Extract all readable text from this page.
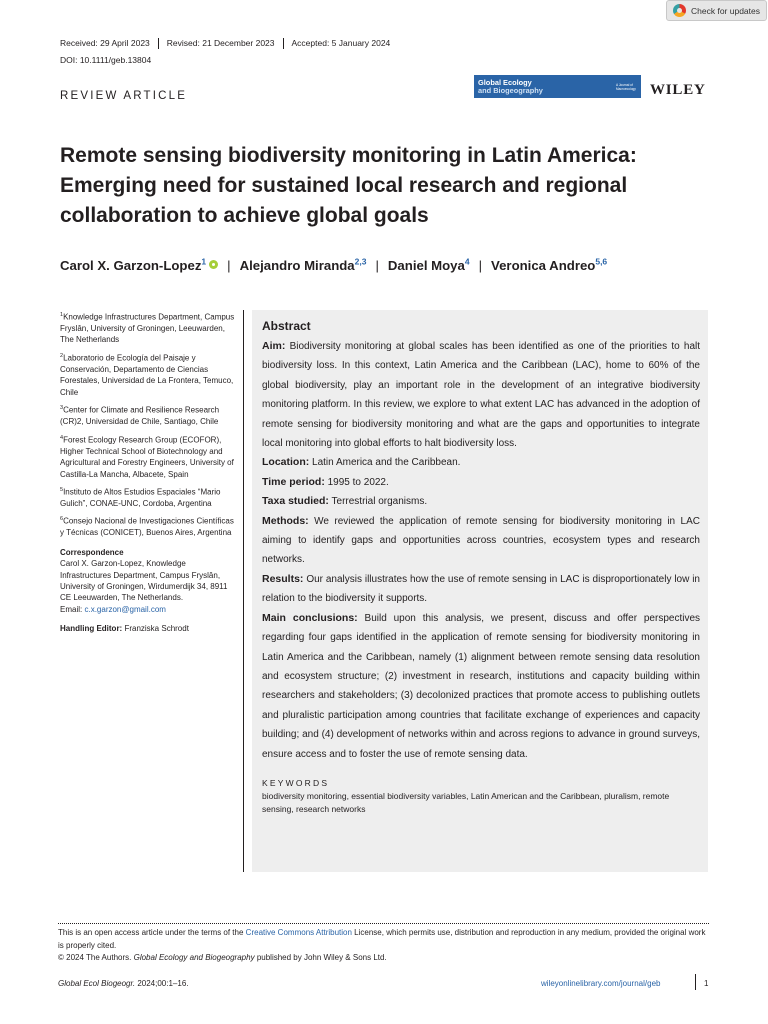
Check for updates
Received: 29 April 2023	Revised: 21 December 2023	Accepted: 5 January 2024
DOI: 10.1111/geb.13804
REVIEW ARTICLE
Global Ecology
and Biogeography
A Journal of Macroecology WILEY
Remote sensing biodiversity monitoring in Latin America: Emerging need for sustained local research and regional collaboration to achieve global goals
Carol X. Garzon-Lopez$^1$ | Alejandro Miranda$^{2,3}$ | Daniel Moya$^4$ | Veronica Andreo$^{5,6}$

$^1$Knowledge Infrastructures Department, Campus Fryslân, University of Groningen, Leeuwarden, The Netherlands

$^2$Laboratorio de Ecología del Paisaje y Conservación, Departamento de Ciencias Forestales, Universidad de La Frontera, Temuco, Chile

$^3$Center for Climate and Resilience Research (CR)2, Universidad de Chile, Santiago, Chile

$^4$Forest Ecology Research Group (ECOFOR), Higher Technical School of Biotechnology and Agricultural and Forestry Engineers, University of Castilla-La Mancha, Albacete, Spain

$^5$Instituto de Altos Estudios Espaciales “Mario Gulich”, CONAE-UNC, Cordoba, Argentina

$^6$Consejo Nacional de Investigaciones Científicas y Técnicas (CONICET), Buenos Aires, Argentina

Correspondence

Carol X. Garzon-Lopez, Knowledge Infrastructures Department, Campus Fryslân, University of Groningen, Wirdumerdijk 34, 8911 CE Leeuwarden, The Netherlands.
Email: c.x.garzon@gmail.com

Handling Editor: Franziska Schrodt

Abstract

Aim: Biodiversity monitoring at global scales has been identified as one of the priorities to halt biodiversity loss. In this context, Latin America and the Caribbean (LAC), home to 60% of the global biodiversity, play an important role in the development of an integrative biodiversity monitoring platform. In this review, we explore to what extent LAC has advanced in the adoption of remote sensing for biodiversity monitoring and what are the gaps and opportunities to integrate local monitoring into global efforts to halt biodiversity loss.

Location: Latin America and the Caribbean.

Time period: 1995 to 2022.

Taxa studied: Terrestrial organisms.

Methods: We reviewed the application of remote sensing for biodiversity monitoring in LAC aiming to identify gaps and opportunities across countries, ecosystem types and research networks.

Results: Our analysis illustrates how the use of remote sensing in LAC is disproportionately low in relation to the biodiversity it supports.

Main conclusions: Build upon this analysis, we present, discuss and offer perspectives regarding four gaps identified in the application of remote sensing for biodiversity monitoring in Latin America and the Caribbean, namely (1) alignment between remote sensing data resolution and ecosystem structure; (2) investment in research, institutions and capacity building within researchers and stakeholders; (3) decolonized practices that promote access to publishing outlets and pluralistic participation among countries that facilitate exchange of experiences and capacity building; and (4) development of networks within and across regions to advance in ground surveys, ensure access and to foster the use of remote sensing data.

KEYWORDS
biodiversity monitoring, essential biodiversity variables, Latin American and the Caribbean, pluralism, remote sensing, research networks
This is an open access article under the terms of the Creative Commons Attribution License, which permits use, distribution and reproduction in any medium, provided the original work is properly cited.
© 2024 The Authors. Global Ecology and Biogeography published by John Wiley & Sons Ltd.
Global Ecol Biogeogr. 2024;00:1–16.	wileyonlinelibrary.com/journal/geb	1
